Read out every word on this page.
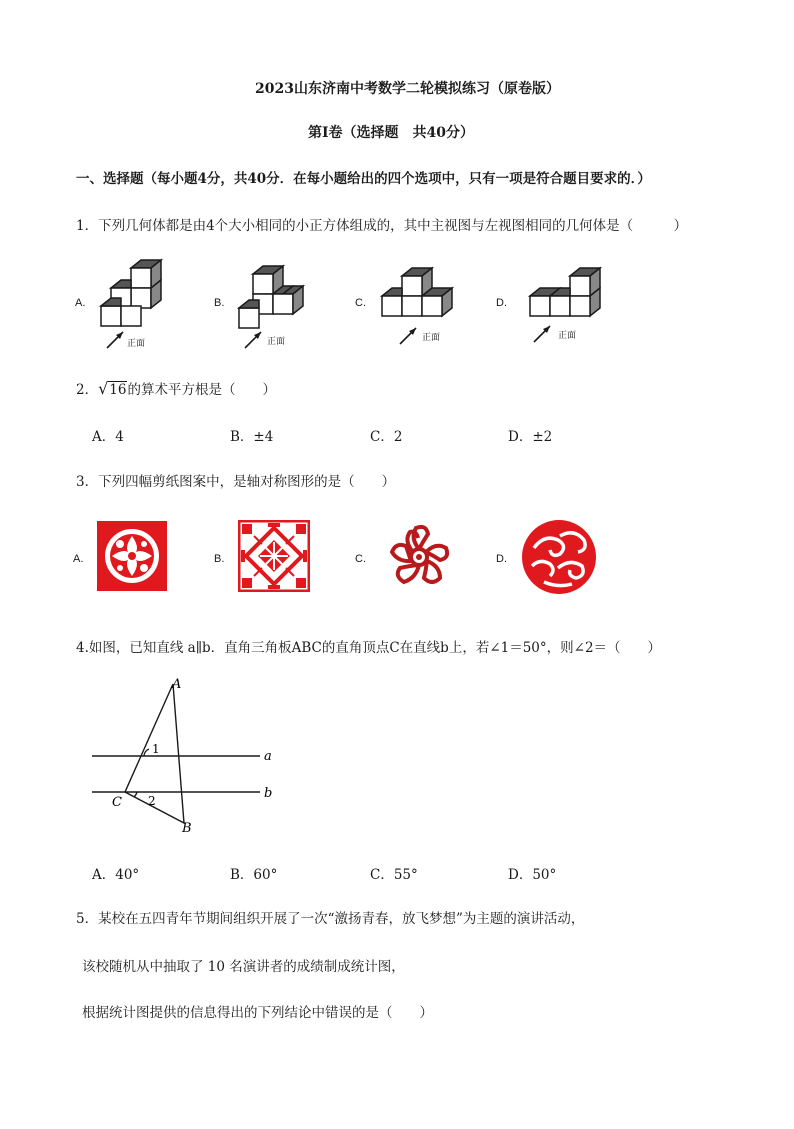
2023山东济南中考数学二轮模拟练习（原卷版）
第Ⅰ卷（选择题　共40分）
一、选择题（每小题4分，共40分．在每小题给出的四个选项中，只有一项是符合题目要求的．）
1．下列几何体都是由4个大小相同的小正方体组成的，其中主视图与左视图相同的几何体是（　　　）
A.
正面
B.
正面
C.
正面
D.
正面
2．√16的算术平方根是（　　）
A．4	B．±4	C．2	D．±2
3．下列四幅剪纸图案中，是轴对称图形的是（　　）
A.	B.	C.	D.
4.如图，已知直线 a∥b．直角三角板ABC的直角顶点C在直线b上，若∠1＝50°，则∠2＝（　　）
A
B
C
a
b
1
2
A．40°	B．60°	C．55°	D．50°
5．某校在五四青年节期间组织开展了一次“激扬青春，放飞梦想”为主题的演讲活动，
该校随机从中抽取了 10 名演讲者的成绩制成统计图，
根据统计图提供的信息得出的下列结论中错误的是（　　）
